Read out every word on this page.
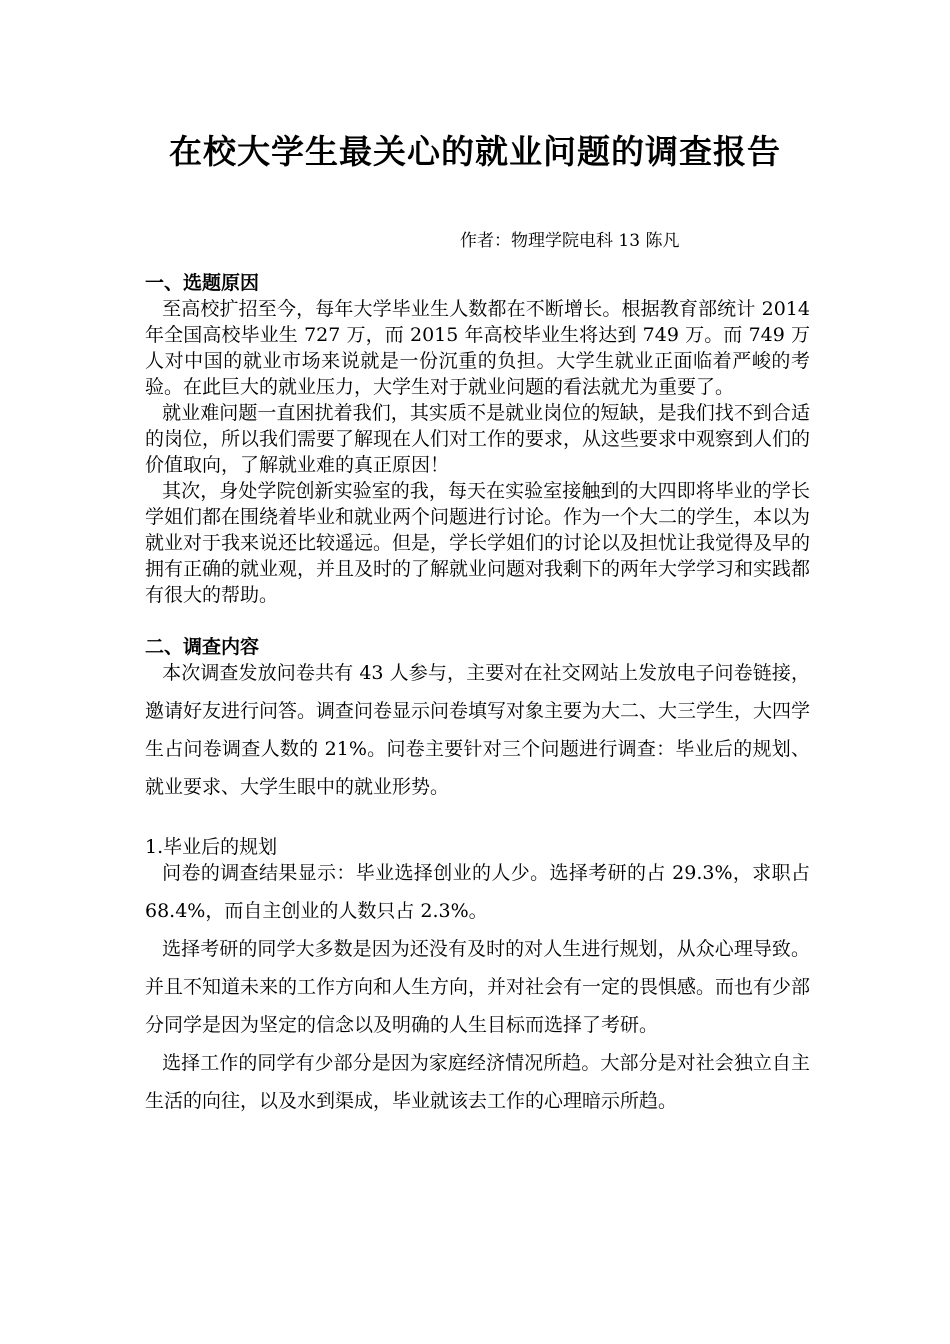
在校大学生最关心的就业问题的调查报告
作者：物理学院电科 13 陈凡
一、选题原因

至高校扩招至今，每年大学毕业生人数都在不断增长。根据教育部统计 2014 年全国高校毕业生 727 万，而 2015 年高校毕业生将达到 749 万。而 749 万人对中国的就业市场来说就是一份沉重的负担。大学生就业正面临着严峻的考验。在此巨大的就业压力，大学生对于就业问题的看法就尤为重要了。

就业难问题一直困扰着我们，其实质不是就业岗位的短缺，是我们找不到合适的岗位，所以我们需要了解现在人们对工作的要求，从这些要求中观察到人们的价值取向，了解就业难的真正原因！

其次，身处学院创新实验室的我，每天在实验室接触到的大四即将毕业的学长学姐们都在围绕着毕业和就业两个问题进行讨论。作为一个大二的学生，本以为就业对于我来说还比较遥远。但是，学长学姐们的讨论以及担忧让我觉得及早的拥有正确的就业观，并且及时的了解就业问题对我剩下的两年大学学习和实践都有很大的帮助。

二、调查内容

本次调查发放问卷共有 43 人参与，主要对在社交网站上发放电子问卷链接，邀请好友进行问答。调查问卷显示问卷填写对象主要为大二、大三学生，大四学生占问卷调查人数的 21%。问卷主要针对三个问题进行调查：毕业后的规划、就业要求、大学生眼中的就业形势。

1.毕业后的规划

问卷的调查结果显示：毕业选择创业的人少。选择考研的占 29.3%，求职占 68.4%，而自主创业的人数只占 2.3%。

选择考研的同学大多数是因为还没有及时的对人生进行规划，从众心理导致。并且不知道未来的工作方向和人生方向，并对社会有一定的畏惧感。而也有少部分同学是因为坚定的信念以及明确的人生目标而选择了考研。

选择工作的同学有少部分是因为家庭经济情况所趋。大部分是对社会独立自主生活的向往，以及水到渠成，毕业就该去工作的心理暗示所趋。
